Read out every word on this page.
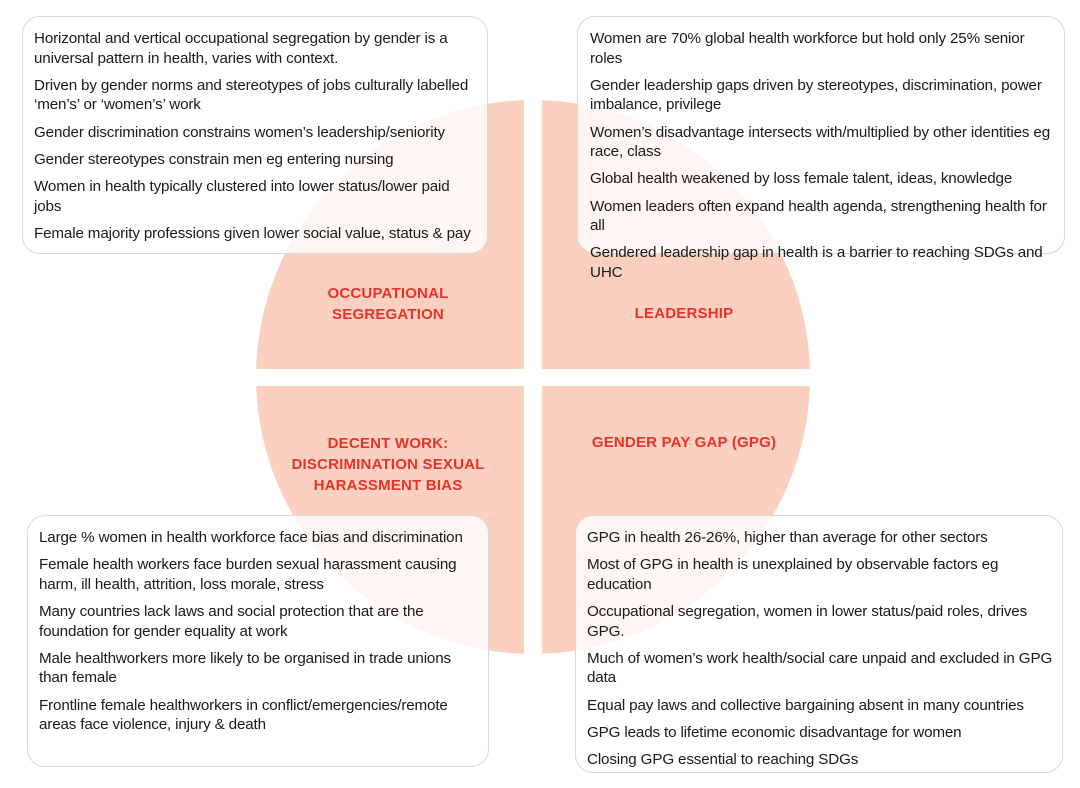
OCCUPATIONAL
SEGREGATION	LEADERSHIP
DECENT WORK:
DISCRIMINATION SEXUAL
HARASSMENT BIAS
GENDER PAY GAP (GPG)
Horizontal and vertical occupational segregation by gender is a universal pattern in health, varies with context.
Driven by gender norms and stereotypes of jobs culturally labelled ‘men’s’ or ‘women’s’ work
Gender discrimination constrains women’s leadership/seniority
Gender stereotypes constrain men eg entering nursing
Women in health typically clustered into lower status/lower paid jobs
Female majority professions given lower social value, status & pay
Women are 70% global health workforce but hold only 25% senior roles
Gender leadership gaps driven by stereotypes, discrimination, power imbalance, privilege
Women’s disadvantage intersects with/multiplied by other identities eg race, class
Global health weakened by loss female talent, ideas, knowledge
Women leaders often expand health agenda, strengthening health for all
Gendered leadership gap in health is a barrier to reaching SDGs and UHC
Large % women in health workforce face bias and discrimination
Female health workers face burden sexual harassment causing harm, ill health, attrition, loss morale, stress
Many countries lack laws and social protection that are the foundation for gender equality at work
Male healthworkers more likely to be organised in trade unions than female
Frontline female healthworkers in conflict/emergencies/remote areas face violence, injury & death
GPG in health 26-26%, higher than average for other sectors
Most of GPG in health is unexplained by observable factors eg education
Occupational segregation, women in lower status/paid roles, drives GPG.
Much of women’s work health/social care unpaid and excluded in GPG data
Equal pay laws and collective bargaining absent in many countries
GPG leads to lifetime economic disadvantage for women
Closing GPG essential to reaching SDGs
